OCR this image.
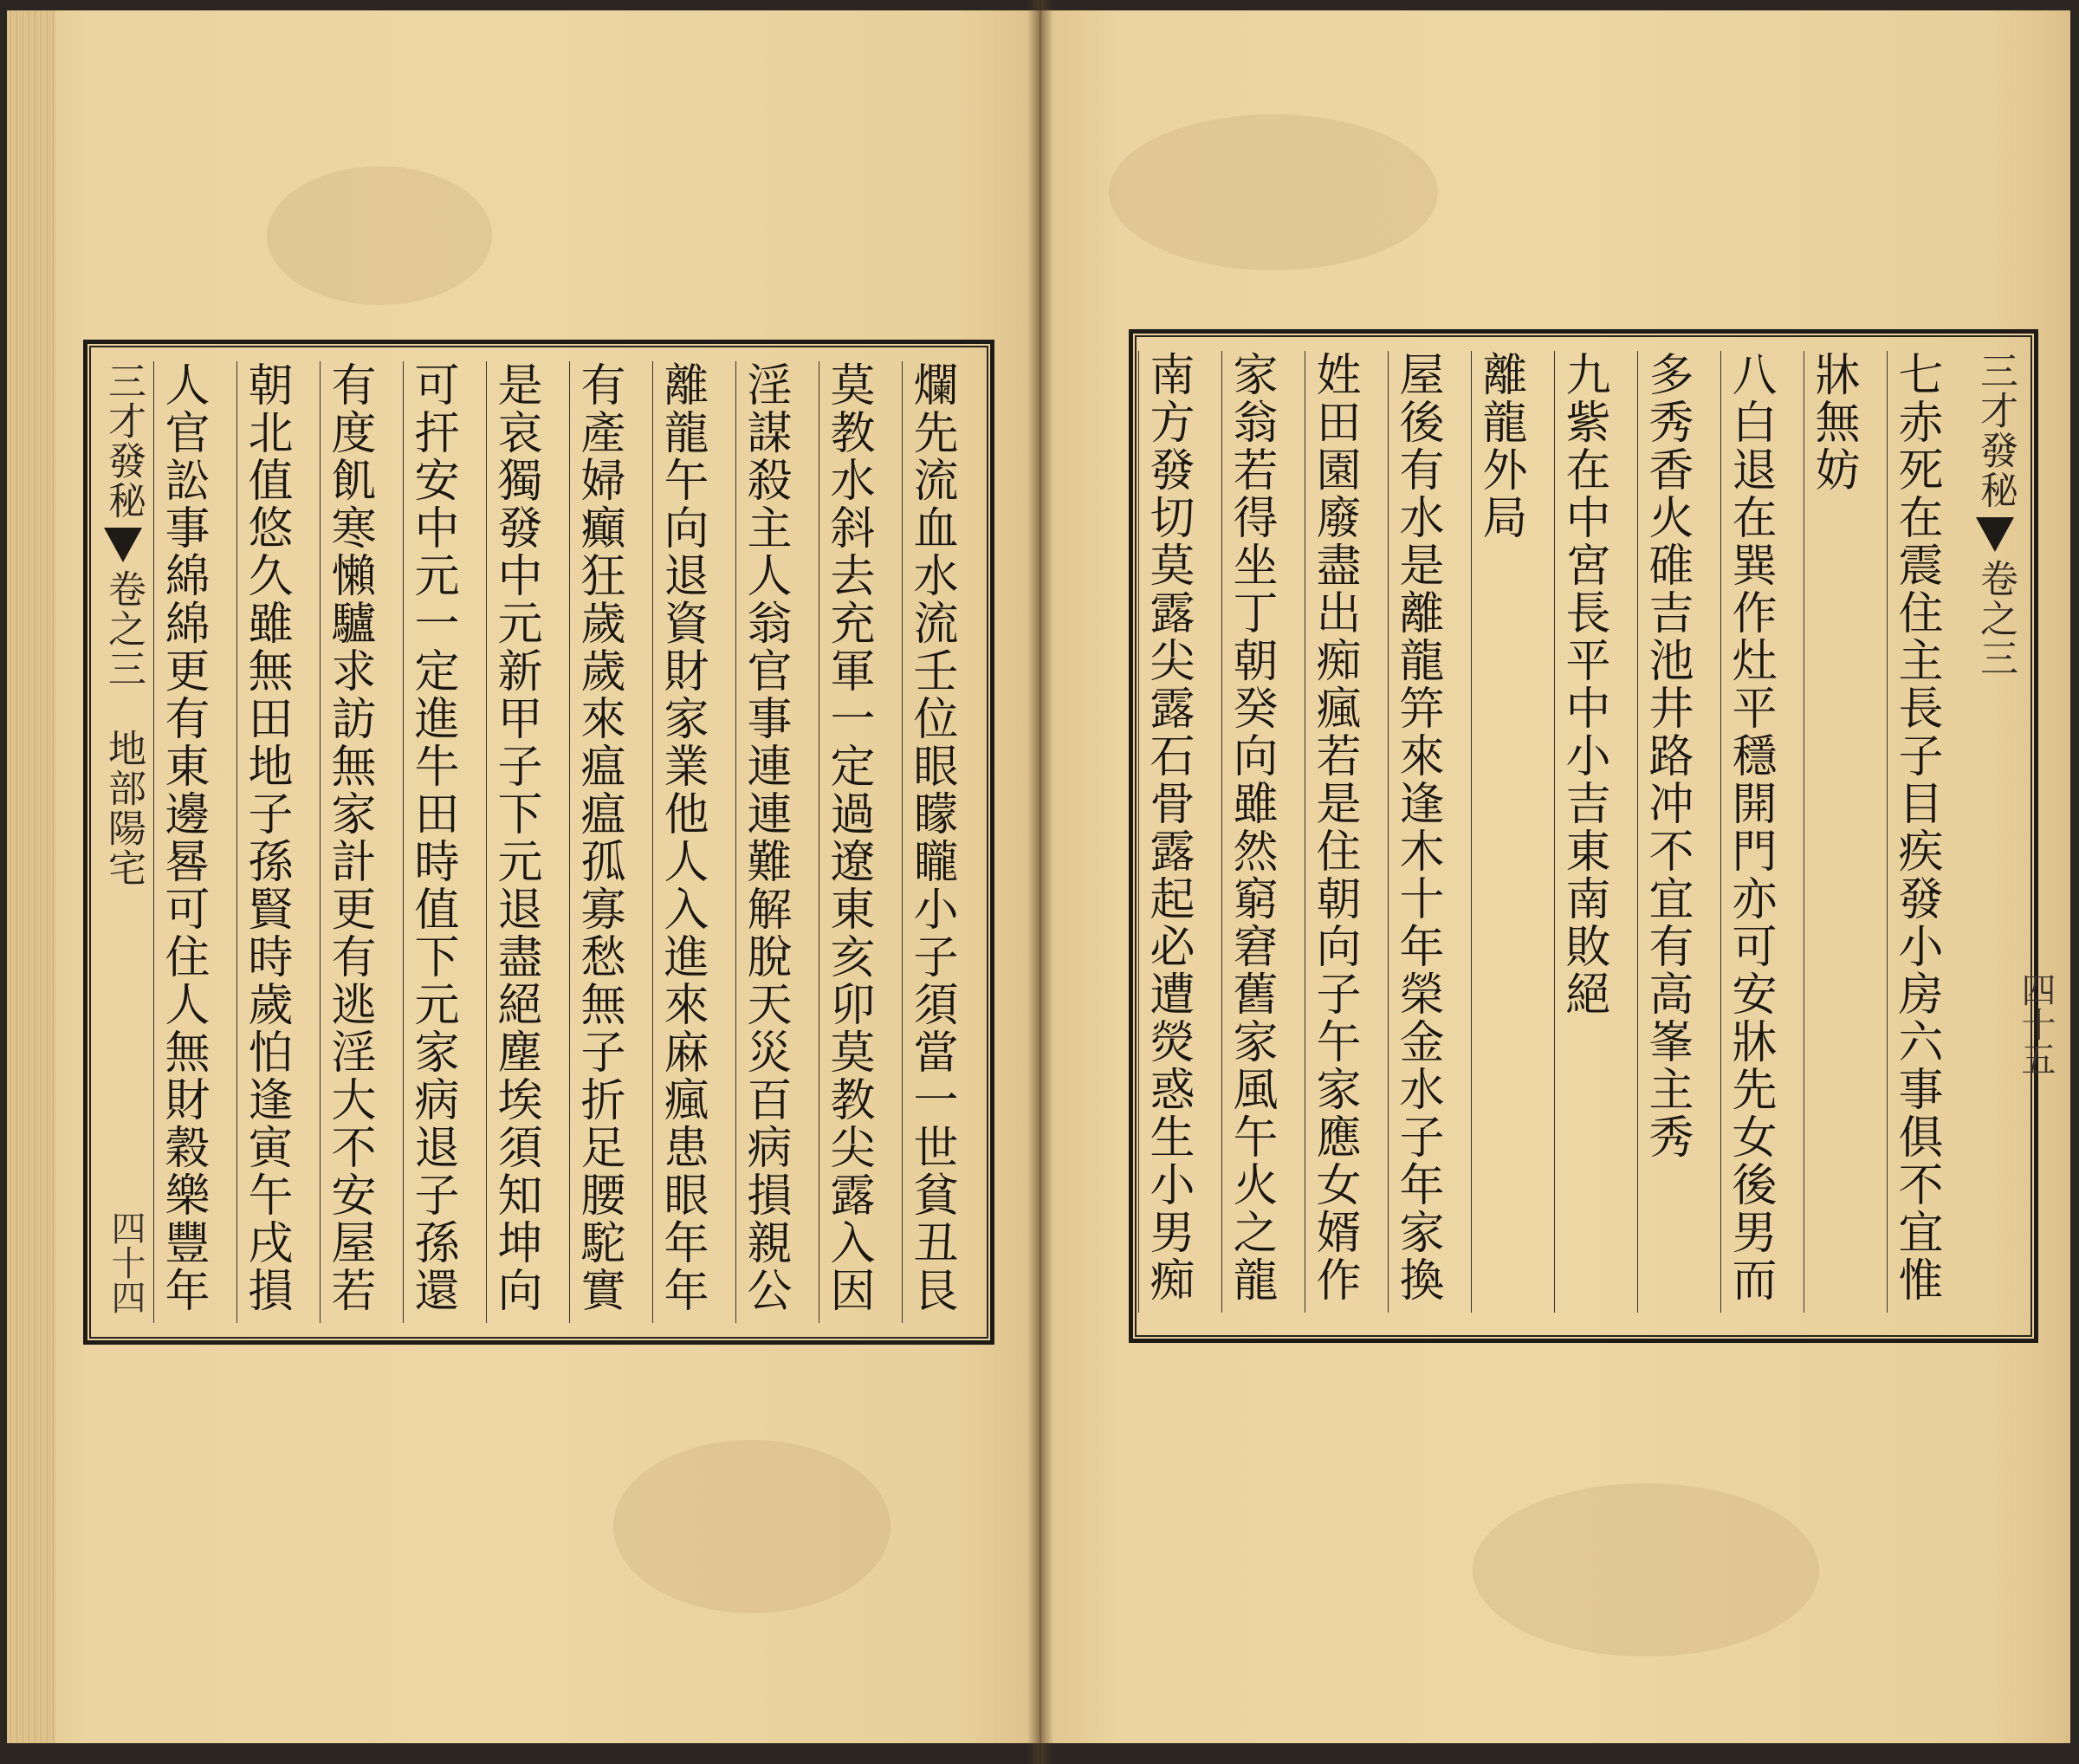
三才發秘卷之三　地部陽宅
四十四 人官訟事綿綿更有東邊晷可住人無財穀樂豐年 朝北值悠久雖無田地子孫賢時歲怕逢寅午戌損 有度飢寒懶驢求訪無家計更有逃淫大不安屋若 可扞安中元一定進牛田時值下元家病退子孫還 是哀獨發中元新甲子下元退盡絕塵埃須知坤向 有產婦癲狂歲歲來瘟瘟孤寡愁無子折足腰駝實 離龍午向退資財家業他人入進來麻瘋患眼年年 淫謀殺主人翁官事連連難解脫天災百病損親公 莫教水斜去充軍一定過遼東亥卯莫教尖露入因 爛先流血水流壬位眼矇矓小子須當一世貧丑艮	南方發切莫露尖露石骨露起必遭熒惑生小男痴 家翁若得坐丁朝癸向雖然窮窘舊家風午火之龍 姓田園廢盡出痴瘋若是住朝向子午家應女婿作 屋後有水是離龍笄來逢木十年榮金水子年家換 離龍外局 九紫在中宮長平中小吉東南敗絕 多秀香火碓吉池井路冲不宜有高峯主秀 八白退在巽作灶平穩開門亦可安牀先女後男而
牀無妨 七赤死在震住主長子目疾發小房六事俱不宜惟
三才發秘卷之三
四十五
